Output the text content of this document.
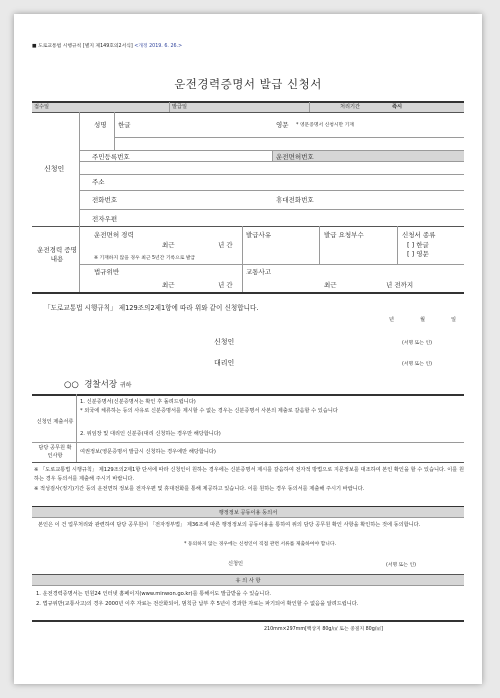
■ 도로교통법 시행규칙 [별지 제149호의2서식] <개정 2019. 6. 26.>
운전경력증명서 발급 신청서
접수일	발급일	처리기간	즉시
신청인
성명 한글	영문 * 영문증명서 신청시만 기재
주민등록번호	운전면허번호
주소
전화번호	휴대전화번호
전자우편
운전경력 증명내용
운전면허 경력
최근	년 간
※ 기재하지 않을 경우 최근 5년간 기록으로 발급
발급사유	발급 요청부수	신청서 종류
[ ] 한글
[ ] 영문
법규위반
최근	년 간
교통사고
최근	년 전까지
「도로교통법 시행규칙」 제129조의2제1항에 따라 위와 같이 신청합니다.
년	월	일
신청인	(서명 또는 인)
대리인	(서명 또는 인)
○○ 경찰서장 귀하
신청인 제출서류
1. 신분증명서(신분증명서는 확인 후 돌려드립니다)
* 외국에 체류하는 등의 사유로 신분증명서를 제시할 수 없는 경우는 신분증명서 사본의 제출로 갈음할 수 있습니다
2. 위임장 및 대리인 신분증(대리 신청하는 경우만 해당합니다)
담당 공무원 확인사항
여권정보(영문증명서 발급시 신청하는 경우에만 해당합니다)
※ 「도로교통법 시행규칙」 제129조의2제1항 단서에 따라 신청인이 원하는 경우에는 신분증명서 제시를 갈음하여 전자적 방법으로 지문정보를 대조하여 본인 확인을 할 수 있습니다. 이를 원하는 경우 동의서를 제출해 주시기 바랍니다.
※ 적성검사(정기)기간 등의 운전면허 정보를 전자우편 및 휴대전화를 통해 제공하고 있습니다. 이를 원하는 경우 동의서를 제출해 주시기 바랍니다.
행정정보 공동이용 동의서
본인은 이 건 업무처리와 관련하여 담당 공무원이 「전자정부법」 제36조에 따른 행정정보의 공동이용을 통하여 위의 담당 공무원 확인 사항을 확인하는 것에 동의합니다.
* 동의하지 않는 경우에는 신청인이 직접 관련 서류를 제출하여야 합니다.
신청인	(서명 또는 인)
유 의 사 항
1. 운전경력증명서는 민원24 인터넷 홈페이지(www.minwon.go.kr)를 통해서도 발급받을 수 있습니다.
2. 법규위반(교통사고)의 경우 2000년 이후 자료는 전산화되어, 범칙금 납부 후 5년이 경과한 자료는 파기되어 확인할 수 없음을 알려드립니다.
210mm×297mm[백상지 80g/㎡ 또는 중질지 80g/㎡]
